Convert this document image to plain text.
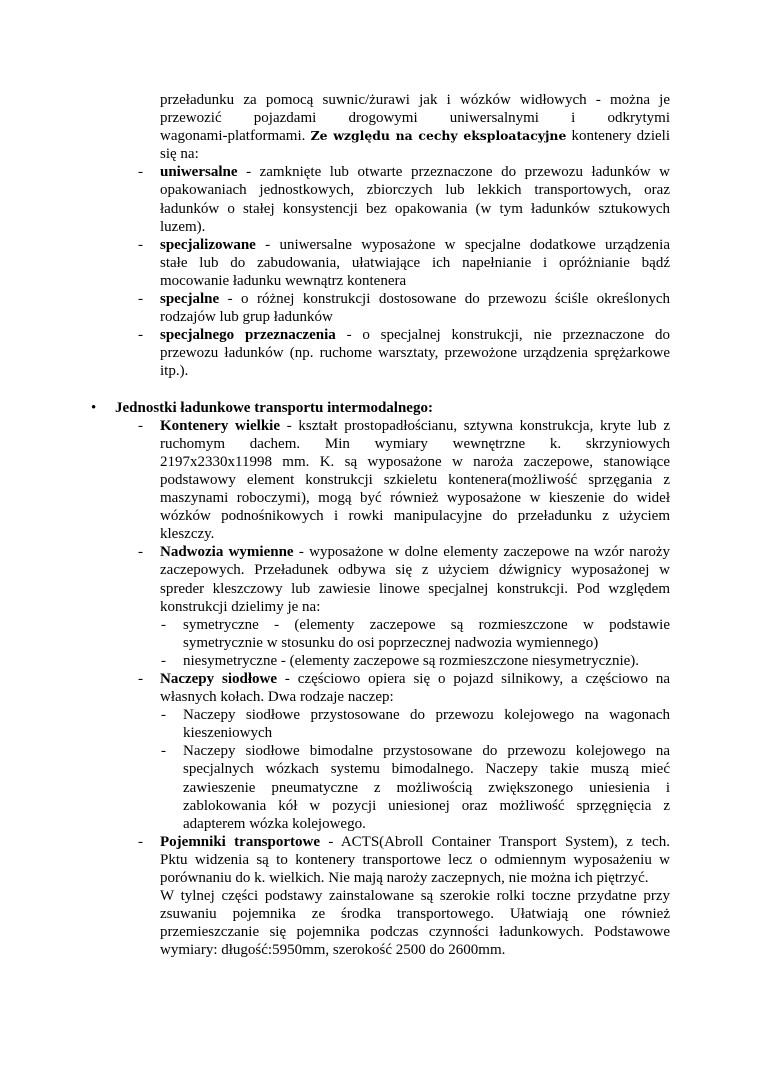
przeładunku za pomocą suwnic/żurawi jak i wózków widłowych - można je
przewozić pojazdami drogowymi uniwersalnymi i odkrytymi
wagonami-platformami. Ze względu na cechy eksploatacyjne kontenery dzieli
się na:
- uniwersalne - zamknięte lub otwarte przeznaczone do przewozu ładunków w
opakowaniach jednostkowych, zbiorczych lub lekkich transportowych, oraz
ładunków o stałej konsystencji bez opakowania (w tym ładunków sztukowych
luzem).
- specjalizowane - uniwersalne wyposażone w specjalne dodatkowe urządzenia
stałe lub do zabudowania, ułatwiające ich napełnianie i opróżnianie bądź
mocowanie ładunku wewnątrz kontenera
- specjalne - o różnej konstrukcji dostosowane do przewozu ściśle określonych
rodzajów lub grup ładunków
- specjalnego przeznaczenia - o specjalnej konstrukcji, nie przeznaczone do
przewozu ładunków (np. ruchome warsztaty, przewożone urządzenia sprężarkowe
itp.).
• Jednostki ładunkowe transportu intermodalnego:
- Kontenery wielkie - kształt prostopadłościanu, sztywna konstrukcja, kryte lub z
ruchomym dachem. Min wymiary wewnętrzne k. skrzyniowych
2197x2330x11998 mm. K. są wyposażone w naroża zaczepowe, stanowiące
podstawowy element konstrukcji szkieletu kontenera(możliwość sprzęgania z
maszynami roboczymi), mogą być również wyposażone w kieszenie do wideł
wózków podnośnikowych i rowki manipulacyjne do przeładunku z użyciem
kleszczy.
- Nadwozia wymienne - wyposażone w dolne elementy zaczepowe na wzór naroży
zaczepowych. Przeładunek odbywa się z użyciem dźwignicy wyposażonej w
spreder kleszczowy lub zawiesie linowe specjalnej konstrukcji. Pod względem
konstrukcji dzielimy je na:
- symetryczne - (elementy zaczepowe są rozmieszczone w podstawie
symetrycznie w stosunku do osi poprzecznej nadwozia wymiennego)
- niesymetryczne - (elementy zaczepowe są rozmieszczone niesymetrycznie).
- Naczepy siodłowe - częściowo opiera się o pojazd silnikowy, a częściowo na
własnych kołach. Dwa rodzaje naczep:
- Naczepy siodłowe przystosowane do przewozu kolejowego na wagonach
kieszeniowych
- Naczepy siodłowe bimodalne przystosowane do przewozu kolejowego na
specjalnych wózkach systemu bimodalnego. Naczepy takie muszą mieć
zawieszenie pneumatyczne z możliwością zwiększonego uniesienia i
zablokowania kół w pozycji uniesionej oraz możliwość sprzęgnięcia z
adapterem wózka kolejowego.
- Pojemniki transportowe - ACTS(Abroll Container Transport System), z tech.
Pktu widzenia są to kontenery transportowe lecz o odmiennym wyposażeniu w
porównaniu do k. wielkich. Nie mają naroży zaczepnych, nie można ich piętrzyć.
W tylnej części podstawy zainstalowane są szerokie rolki toczne przydatne przy
zsuwaniu pojemnika ze środka transportowego. Ułatwiają one również
przemieszczanie się pojemnika podczas czynności ładunkowych. Podstawowe
wymiary: długość:5950mm, szerokość 2500 do 2600mm.
